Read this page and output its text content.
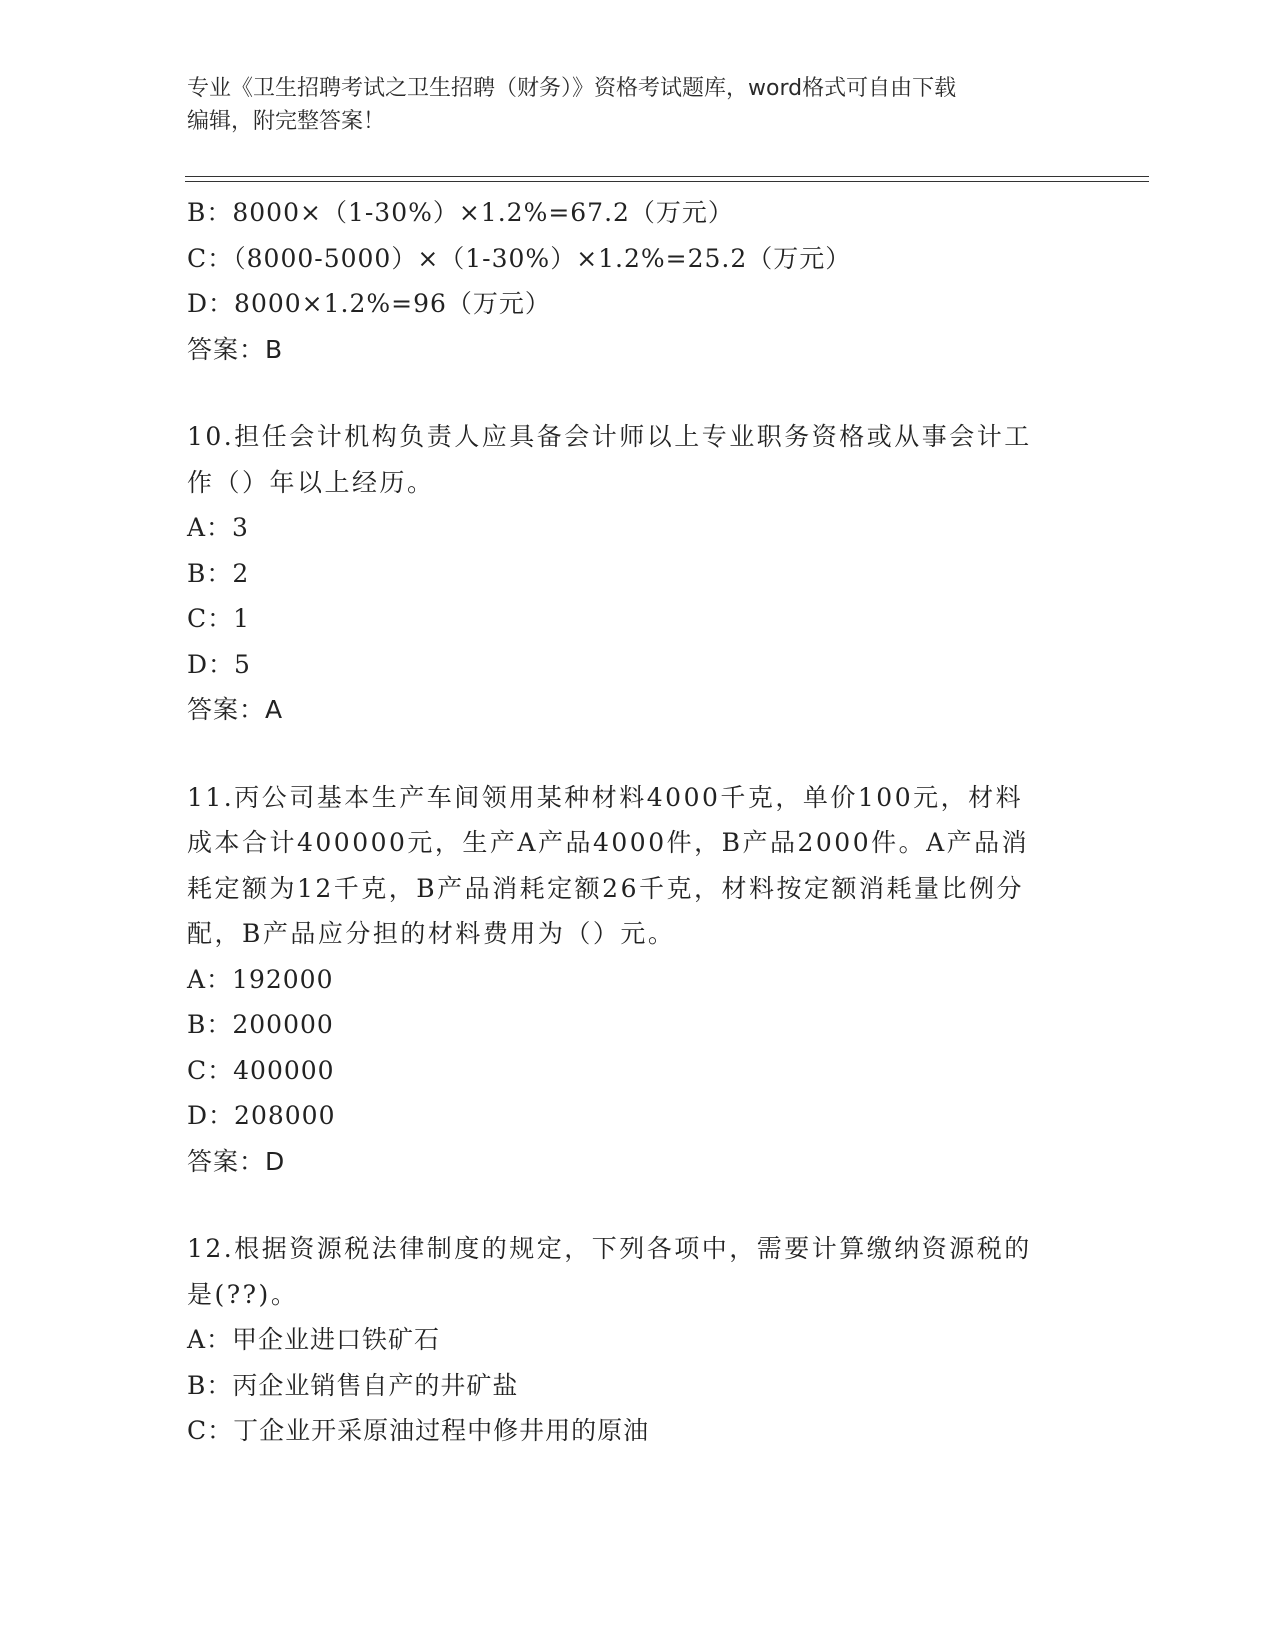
专业《卫生招聘考试之卫生招聘（财务）》资格考试题库，word格式可自由下载
编辑，附完整答案！
B：8000×（1-30%）×1.2%=67.2（万元）
C：（8000-5000）×（1-30%）×1.2%=25.2（万元）
D：8000×1.2%=96（万元）
答案：B
10.担任会计机构负责人应具备会计师以上专业职务资格或从事会计工
作（）年以上经历。
A：3
B：2
C：1
D：5
答案：A
11.丙公司基本生产车间领用某种材料4000千克，单价100元，材料
成本合计400000元，生产A产品4000件，B产品2000件。A产品消
耗定额为12千克，B产品消耗定额26千克，材料按定额消耗量比例分
配，B产品应分担的材料费用为（）元。
A：192000
B：200000
C：400000
D：208000
答案：D
12.根据资源税法律制度的规定，下列各项中，需要计算缴纳资源税的
是(??)。
A：甲企业进口铁矿石
B：丙企业销售自产的井矿盐
C：丁企业开采原油过程中修井用的原油
